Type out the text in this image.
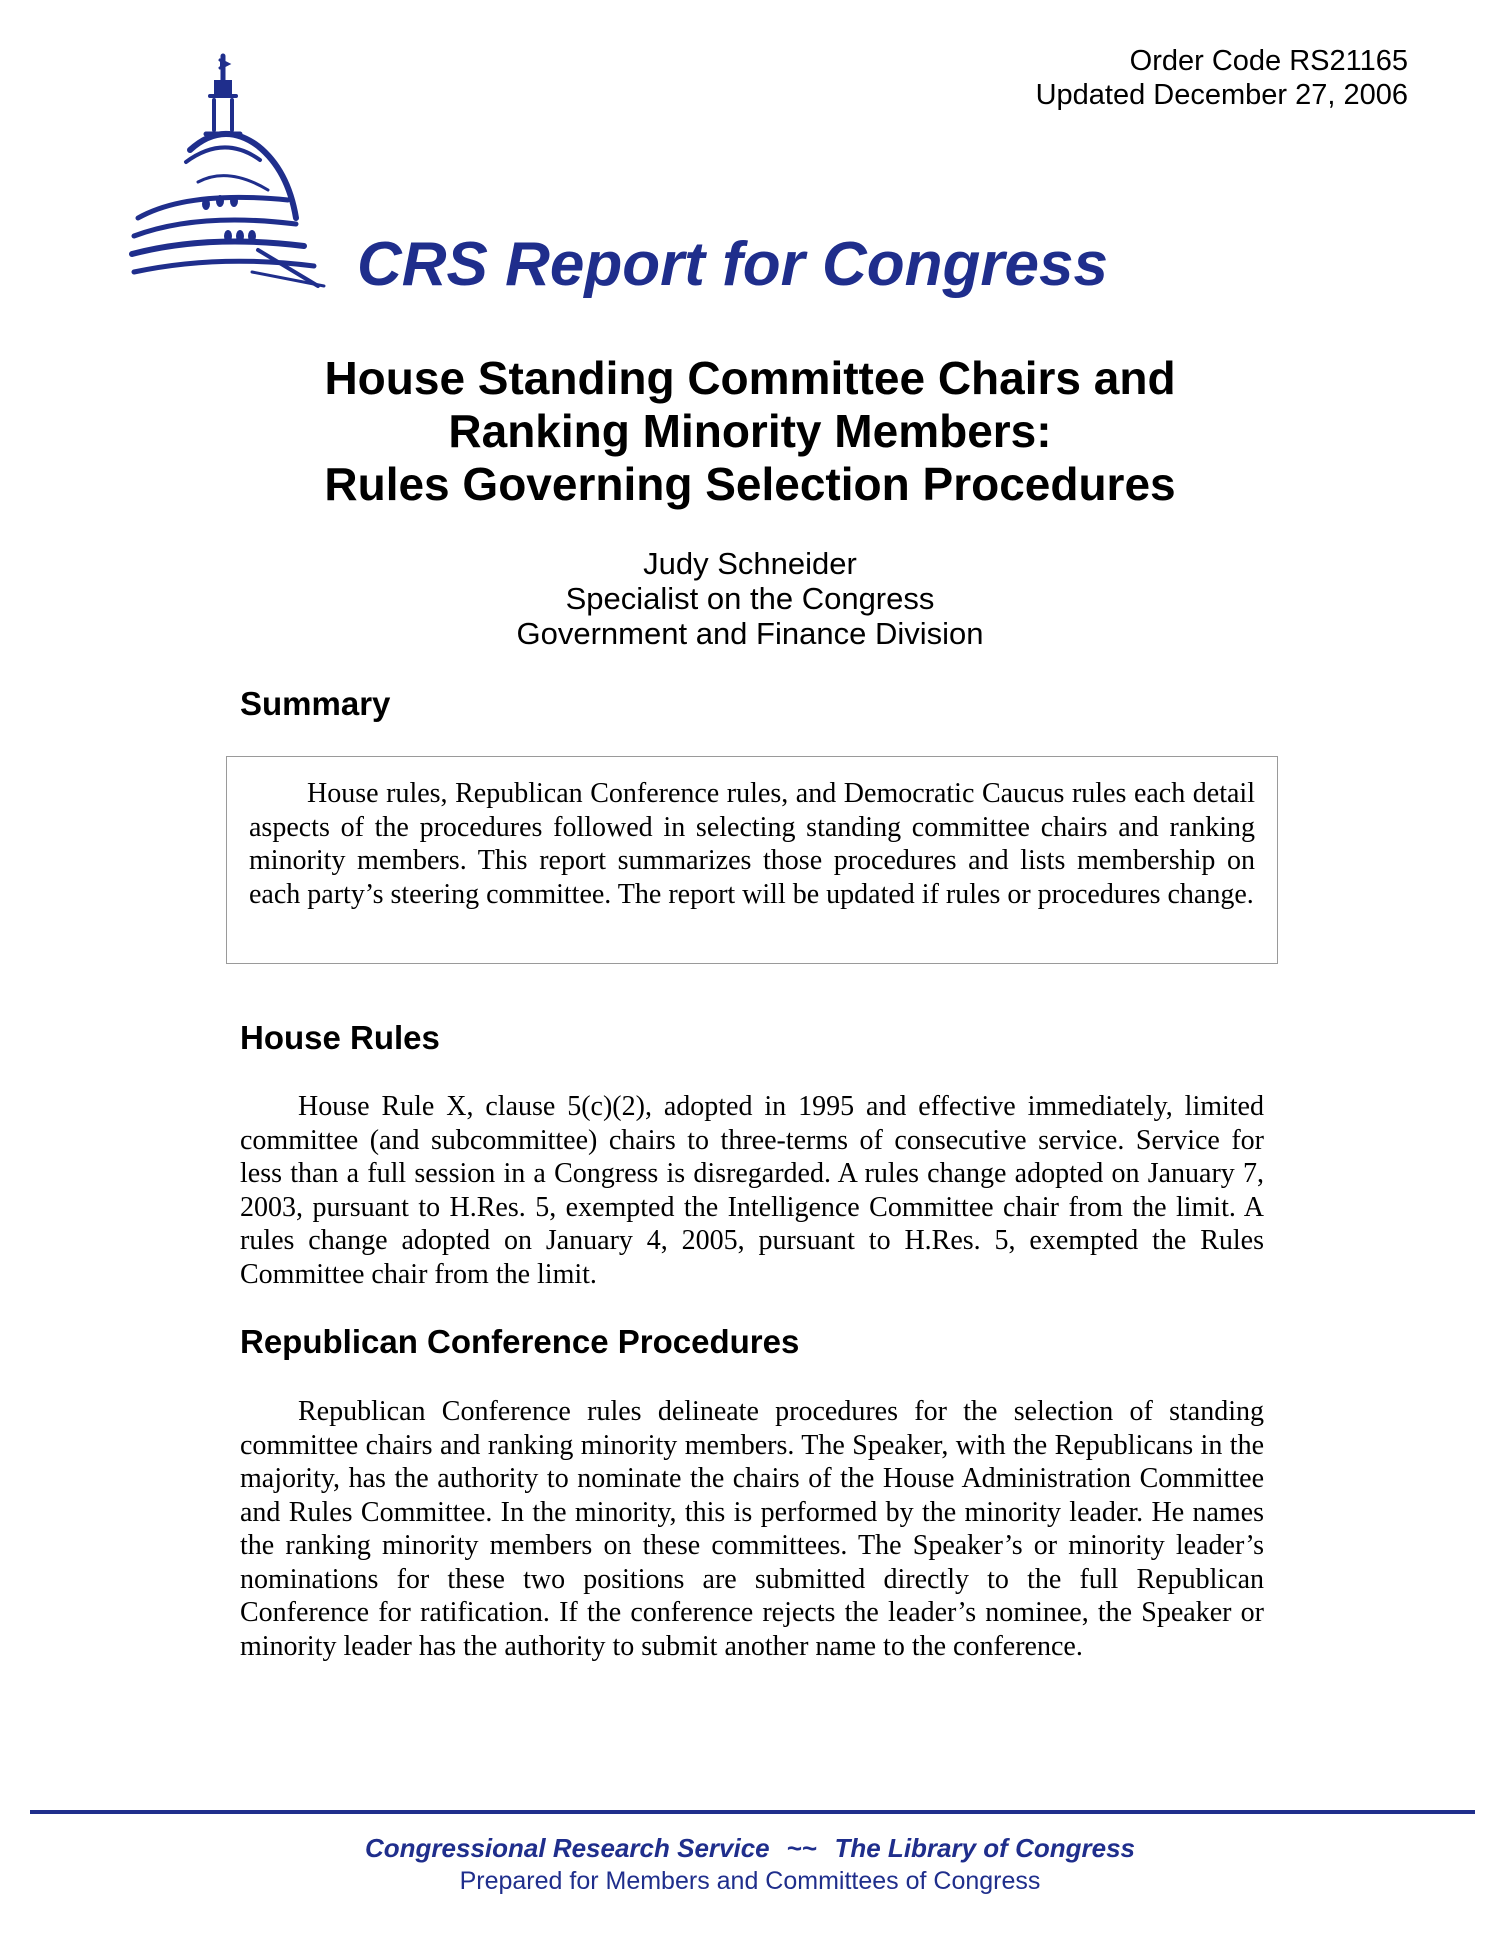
Order Code RS21165
Updated December 27, 2006
CRS Report for Congress
House Standing Committee Chairs and
Ranking Minority Members:
Rules Governing Selection Procedures
Judy Schneider
Specialist on the Congress
Government and Finance Division
Summary
House rules, Republican Conference rules, and Democratic Caucus rules each detail aspects of the procedures followed in selecting standing committee chairs and ranking minority members. This report summarizes those procedures and lists membership on each party’s steering committee. The report will be updated if rules or procedures change.
House Rules
House Rule X, clause 5(c)(2), adopted in 1995 and effective immediately, limited committee (and subcommittee) chairs to three-terms of consecutive service. Service for less than a full session in a Congress is disregarded. A rules change adopted on January 7, 2003, pursuant to H.Res. 5, exempted the Intelligence Committee chair from the limit. A rules change adopted on January 4, 2005, pursuant to H.Res. 5, exempted the Rules Committee chair from the limit.
Republican Conference Procedures
Republican Conference rules delineate procedures for the selection of standing committee chairs and ranking minority members. The Speaker, with the Republicans in the majority, has the authority to nominate the chairs of the House Administration Committee and Rules Committee. In the minority, this is performed by the minority leader. He names the ranking minority members on these committees. The Speaker’s or minority leader’s nominations for these two positions are submitted directly to the full Republican Conference for ratification. If the conference rejects the leader’s nominee, the Speaker or minority leader has the authority to submit another name to the conference.
Congressional Research Service ~~ The Library of Congress
Prepared for Members and Committees of Congress
